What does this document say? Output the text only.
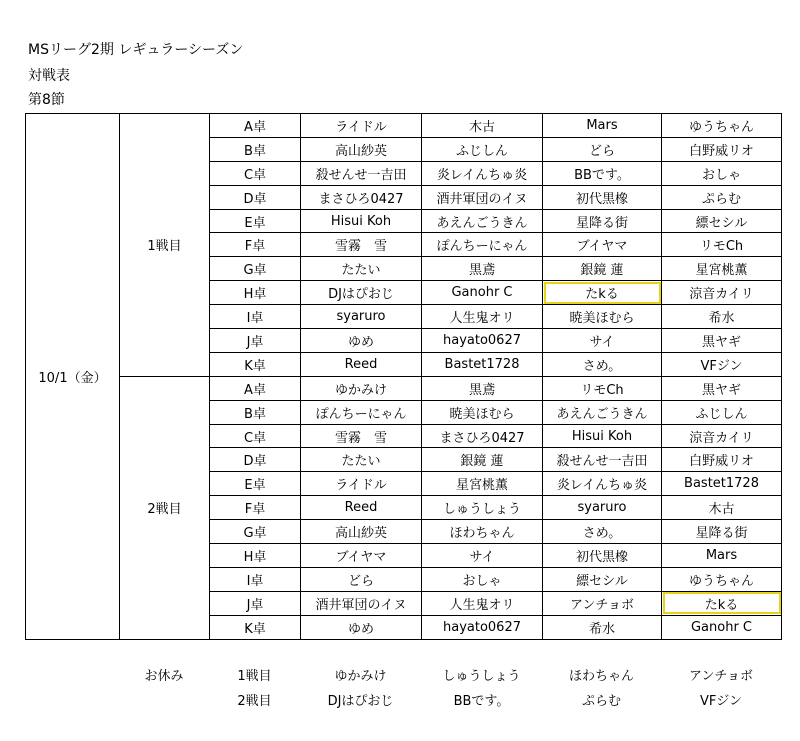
MSリーグ2期 レギュラーシーズン
対戦表
第8節
10/1（金）	1戦目	A卓	ライドル	木古	Mars	ゆうちゃん
		B卓	高山紗英	ふじしん	どら	白野威リオ
		C卓	殺せんせ一吉田	炎レイんちゅ炎	BBです。	おしゃ
		D卓	まさひろ0427	酒井軍団のイヌ	初代黒橡	ぷらむ
		E卓	Hisui Koh	あえんごうきん	星降る街	縹セシル
		F卓	雪霧　雪	ぽんちーにゃん	ブイヤマ	リモCh
		G卓	たたい	黒鳶	銀鏡 蓮	星宮桃薫
		H卓	DJはぴおじ	Ganohr C	たkる	涼音カイリ
		I卓	syaruro	人生鬼オリ	暁美ほむら	希水
		J卓	ゆめ	hayato0627	サイ	黒ヤギ
		K卓	Reed	Bastet1728	さめ。	VFジン
	2戦目	A卓	ゆかみけ	黒鳶	リモCh	黒ヤギ
		B卓	ぽんちーにゃん	暁美ほむら	あえんごうきん	ふじしん
		C卓	雪霧　雪	まさひろ0427	Hisui Koh	涼音カイリ
		D卓	たたい	銀鏡 蓮	殺せんせ一吉田	白野威リオ
		E卓	ライドル	星宮桃薫	炎レイんちゅ炎	Bastet1728
		F卓	Reed	しゅうしょう	syaruro	木古
		G卓	高山紗英	ほわちゃん	さめ。	星降る街
		H卓	ブイヤマ	サイ	初代黒橡	Mars
		I卓	どら	おしゃ	縹セシル	ゆうちゃん
		J卓	酒井軍団のイヌ	人生鬼オリ	アンチョボ	たkる
		K卓	ゆめ	hayato0627	希水	Ganohr C
	お休み	1戦目	ゆかみけ	しゅうしょう	ほわちゃん	アンチョボ
		2戦目	DJはぴおじ	BBです。	ぷらむ	VFジン
